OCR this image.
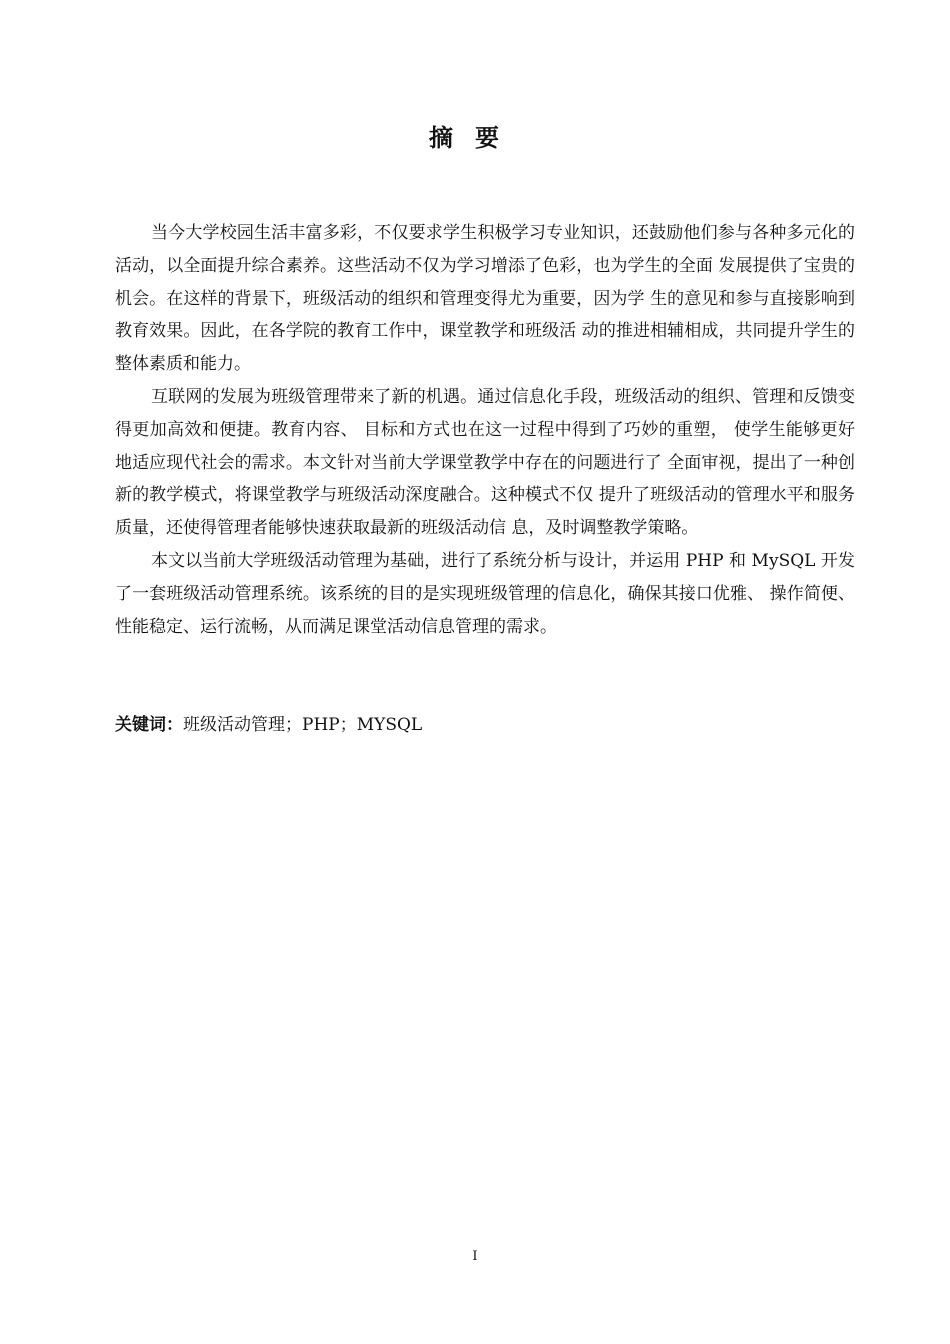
摘要

当今大学校园生活丰富多彩，不仅要求学生积极学习专业知识，还鼓励他们参与各种多元化的活动，以全面提升综合素养。这些活动不仅为学习增添了色彩，也为学生的全面 发展提供了宝贵的机会。在这样的背景下，班级活动的组织和管理变得尤为重要，因为学 生的意见和参与直接影响到教育效果。因此，在各学院的教育工作中，课堂教学和班级活 动的推进相辅相成，共同提升学生的整体素质和能力。

互联网的发展为班级管理带来了新的机遇。通过信息化手段，班级活动的组织、管理和反馈变得更加高效和便捷。教育内容、 目标和方式也在这一过程中得到了巧妙的重塑， 使学生能够更好地适应现代社会的需求。本文针对当前大学课堂教学中存在的问题进行了 全面审视，提出了一种创新的教学模式，将课堂教学与班级活动深度融合。这种模式不仅 提升了班级活动的管理水平和服务质量，还使得管理者能够快速获取最新的班级活动信 息，及时调整教学策略。

本文以当前大学班级活动管理为基础，进行了系统分析与设计，并运用 PHP 和 MySQL 开发了一套班级活动管理系统。该系统的目的是实现班级管理的信息化，确保其接口优雅、 操作简便、性能稳定、运行流畅，从而满足课堂活动信息管理的需求。

关键词：班级活动管理；PHP；MYSQL
I
